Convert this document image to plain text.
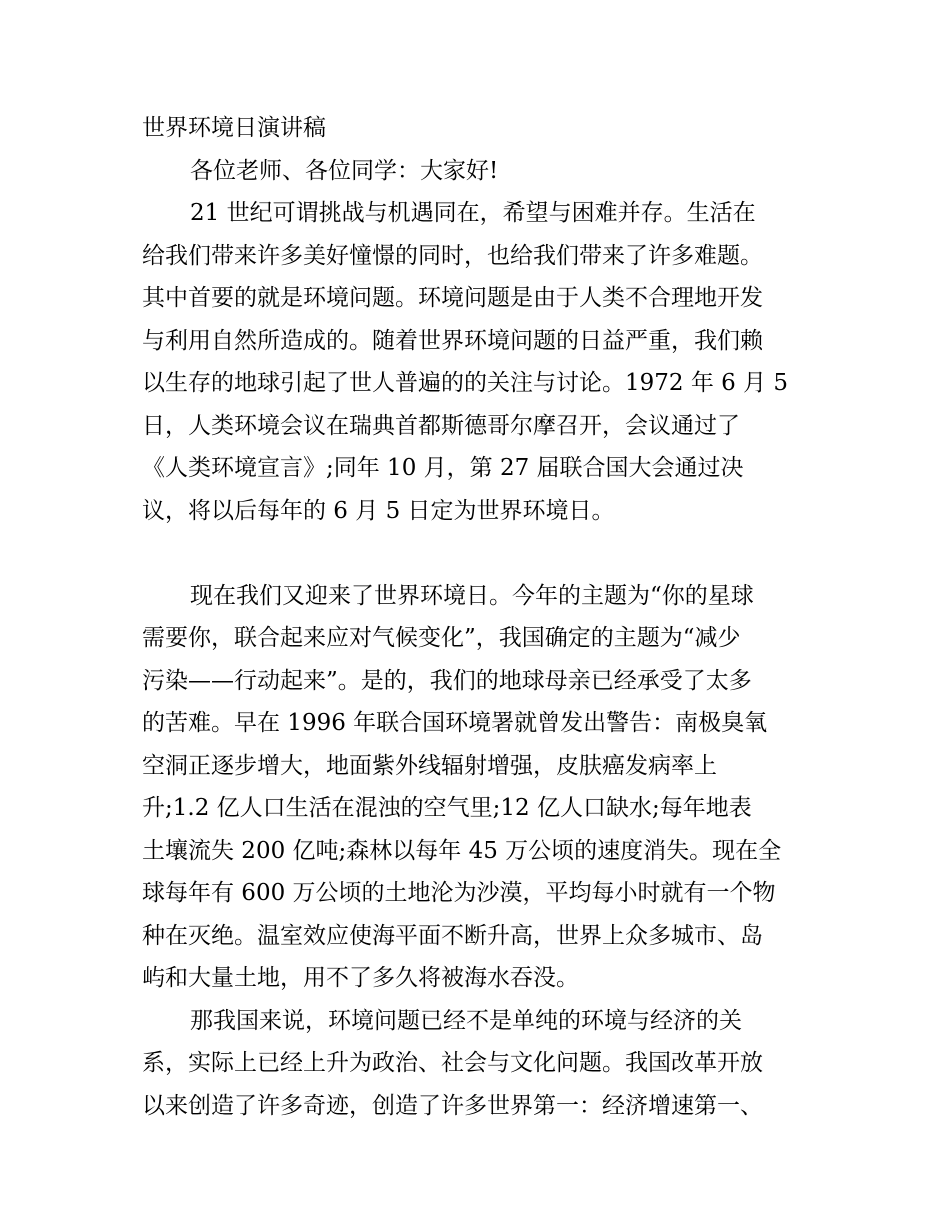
世界环境日演讲稿
各位老师、各位同学：大家好!
21 世纪可谓挑战与机遇同在，希望与困难并存。生活在
给我们带来许多美好憧憬的同时，也给我们带来了许多难题。
其中首要的就是环境问题。环境问题是由于人类不合理地开发
与利用自然所造成的。随着世界环境问题的日益严重，我们赖
以生存的地球引起了世人普遍的的关注与讨论。1972 年 6 月 5
日，人类环境会议在瑞典首都斯德哥尔摩召开，会议通过了
《人类环境宣言》;同年 10 月，第 27 届联合国大会通过决
议，将以后每年的 6 月 5 日定为世界环境日。
现在我们又迎来了世界环境日。今年的主题为“你的星球
需要你，联合起来应对气候变化”，我国确定的主题为“减少
污染——行动起来”。是的，我们的地球母亲已经承受了太多
的苦难。早在 1996 年联合国环境署就曾发出警告：南极臭氧
空洞正逐步增大，地面紫外线辐射增强，皮肤癌发病率上
升;1.2 亿人口生活在混浊的空气里;12 亿人口缺水;每年地表
土壤流失 200 亿吨;森林以每年 45 万公顷的速度消失。现在全
球每年有 600 万公顷的土地沦为沙漠，平均每小时就有一个物
种在灭绝。温室效应使海平面不断升高，世界上众多城市、岛
屿和大量土地，用不了多久将被海水吞没。
那我国来说，环境问题已经不是单纯的环境与经济的关
系，实际上已经上升为政治、社会与文化问题。我国改革开放
以来创造了许多奇迹，创造了许多世界第一：经济增速第一、
